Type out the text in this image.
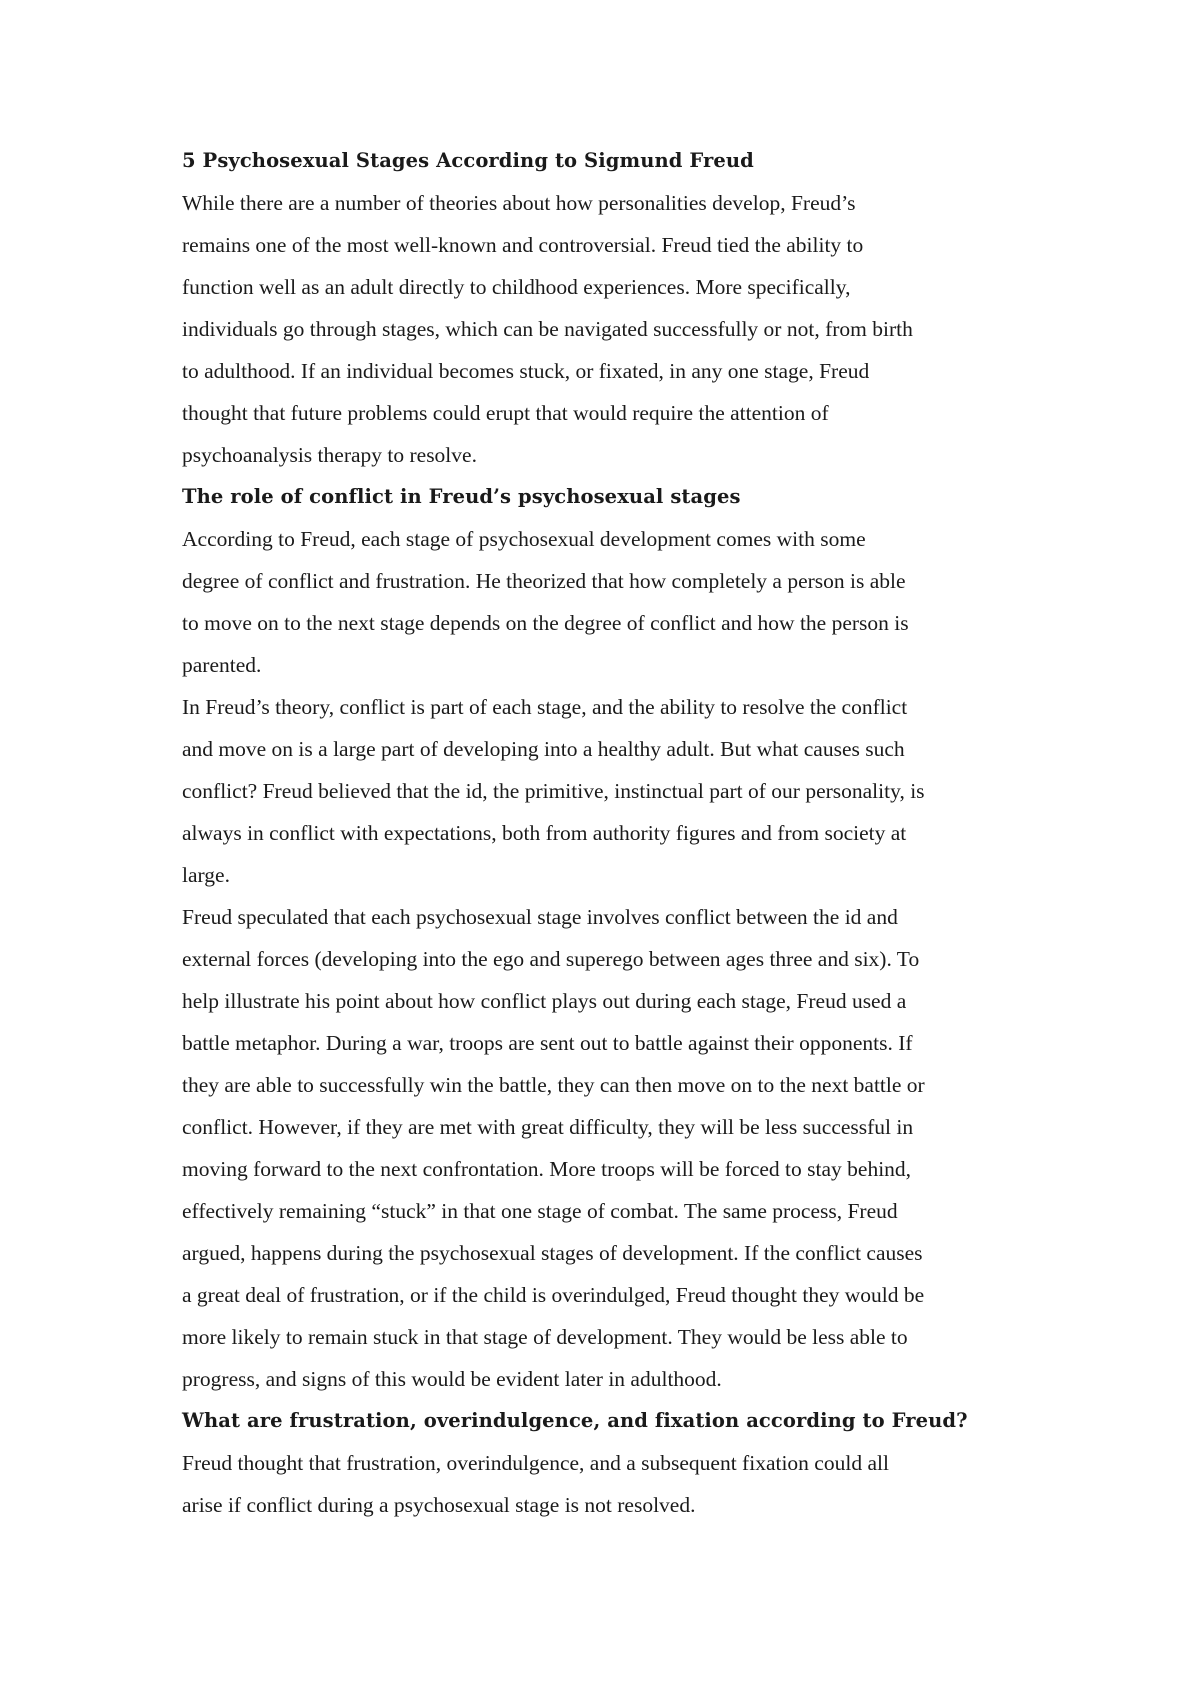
5 Psychosexual Stages According to Sigmund Freud

While there are a number of theories about how personalities develop, Freud’s
remains one of the most well-known and controversial. Freud tied the ability to
function well as an adult directly to childhood experiences. More specifically,
individuals go through stages, which can be navigated successfully or not, from birth
to adulthood. If an individual becomes stuck, or fixated, in any one stage, Freud
thought that future problems could erupt that would require the attention of
psychoanalysis therapy to resolve.

The role of conflict in Freud’s psychosexual stages

According to Freud, each stage of psychosexual development comes with some
degree of conflict and frustration. He theorized that how completely a person is able
to move on to the next stage depends on the degree of conflict and how the person is
parented.

In Freud’s theory, conflict is part of each stage, and the ability to resolve the conflict
and move on is a large part of developing into a healthy adult. But what causes such
conflict? Freud believed that the id, the primitive, instinctual part of our personality, is
always in conflict with expectations, both from authority figures and from society at
large.

Freud speculated that each psychosexual stage involves conflict between the id and
external forces (developing into the ego and superego between ages three and six). To
help illustrate his point about how conflict plays out during each stage, Freud used a
battle metaphor. During a war, troops are sent out to battle against their opponents. If
they are able to successfully win the battle, they can then move on to the next battle or
conflict. However, if they are met with great difficulty, they will be less successful in
moving forward to the next confrontation. More troops will be forced to stay behind,
effectively remaining “stuck” in that one stage of combat. The same process, Freud
argued, happens during the psychosexual stages of development. If the conflict causes
a great deal of frustration, or if the child is overindulged, Freud thought they would be
more likely to remain stuck in that stage of development. They would be less able to
progress, and signs of this would be evident later in adulthood.

What are frustration, overindulgence, and fixation according to Freud?

Freud thought that frustration, overindulgence, and a subsequent fixation could all
arise if conflict during a psychosexual stage is not resolved.
